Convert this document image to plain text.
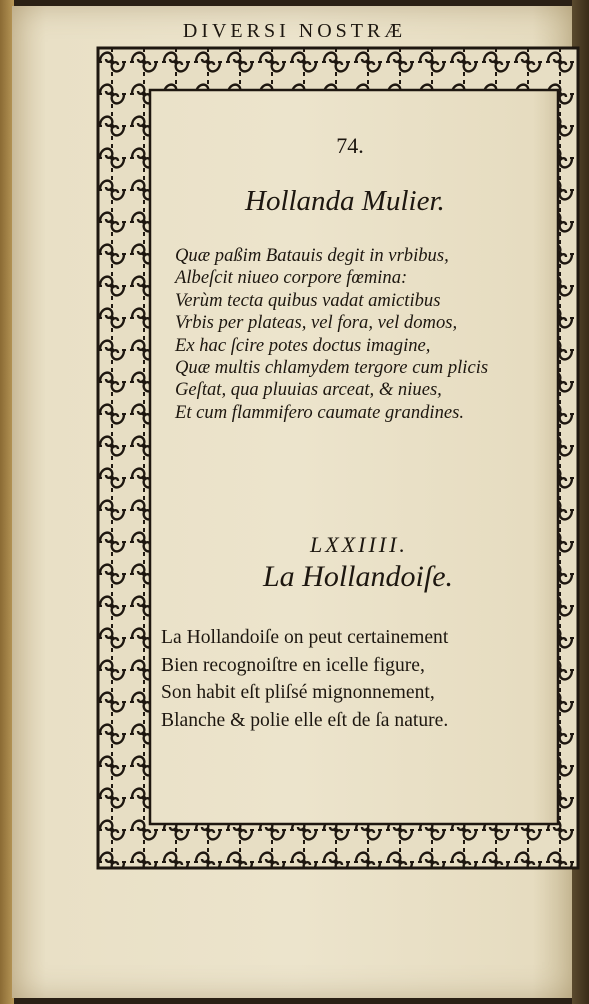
DIVERSI NOSTRÆ
74.
Hollanda Mulier.
Quæ paßim Batauis degit in vrbibus,
Albeſcit niueo corpore fœmina:
Verùm tecta quibus vadat amictibus
Vrbis per plateas, vel fora, vel domos,
Ex hac ſcire potes doctus imagine,
Quæ multis chlamydem tergore cum plicis
Geſtat, qua pluuias arceat, & niues,
Et cum flammifero caumate grandines.
LXXIIII.
La Hollandoiſe.
La Hollandoiſe on peut certainement
Bien recognoiſtre en icelle figure,
Son habit eſt pliſsé mignonnement,
Blanche & polie elle eſt de ſa nature.
